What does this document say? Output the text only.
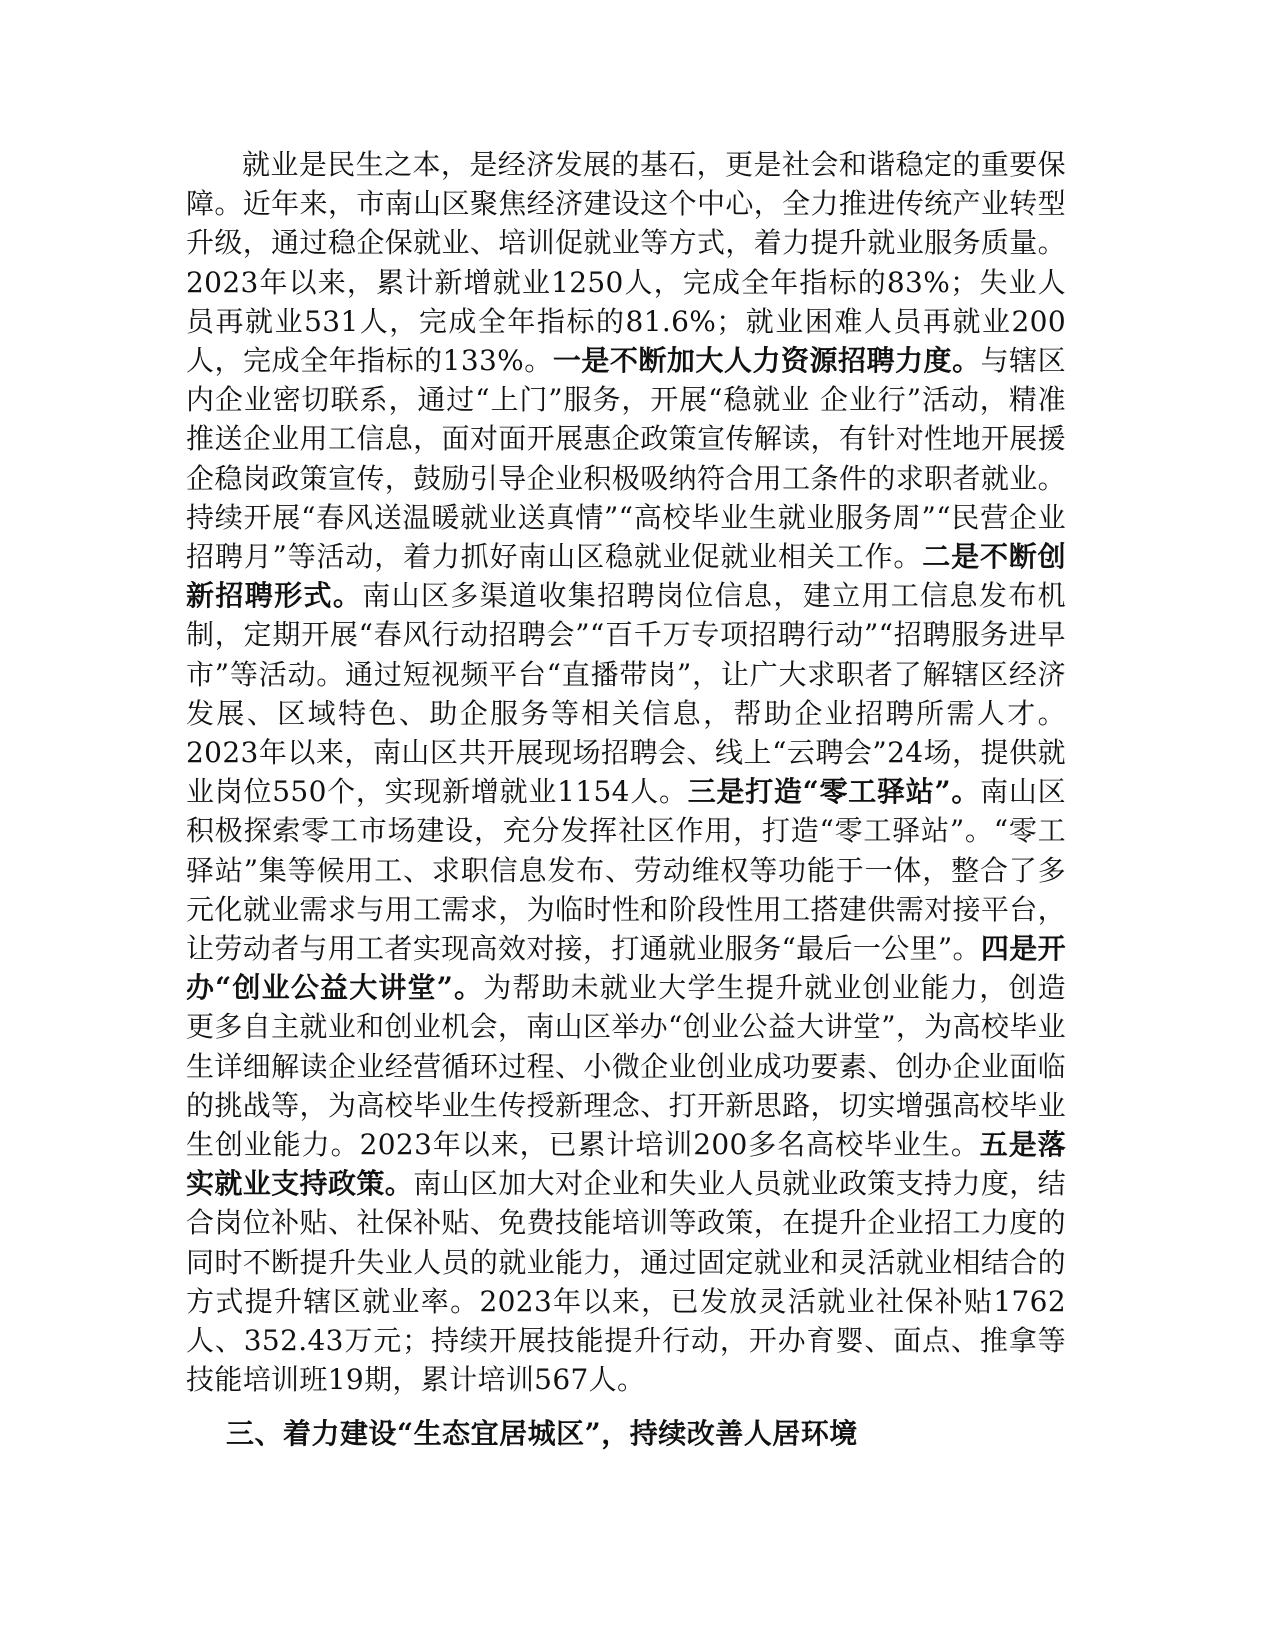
就业是民生之本，是经济发展的基石，更是社会和谐稳定的重要保障。近年来，市南山区聚焦经济建设这个中心，全力推进传统产业转型升级，通过稳企保就业、培训促就业等方式，着力提升就业服务质量。2023年以来，累计新增就业1250人，完成全年指标的83%；失业人员再就业531人，完成全年指标的81.6%；就业困难人员再就业200人，完成全年指标的133%。一是不断加大人力资源招聘力度。与辖区内企业密切联系，通过“上门”服务，开展“稳就业 企业行”活动，精准推送企业用工信息，面对面开展惠企政策宣传解读，有针对性地开展援企稳岗政策宣传，鼓励引导企业积极吸纳符合用工条件的求职者就业。持续开展“春风送温暖就业送真情”“高校毕业生就业服务周”“民营企业招聘月”等活动，着力抓好南山区稳就业促就业相关工作。二是不断创新招聘形式。南山区多渠道收集招聘岗位信息，建立用工信息发布机制，定期开展“春风行动招聘会”“百千万专项招聘行动”“招聘服务进早市”等活动。通过短视频平台“直播带岗”，让广大求职者了解辖区经济发展、区域特色、助企服务等相关信息，帮助企业招聘所需人才。2023年以来，南山区共开展现场招聘会、线上“云聘会”24场，提供就业岗位550个，实现新增就业1154人。三是打造“零工驿站”。南山区积极探索零工市场建设，充分发挥社区作用，打造“零工驿站”。“零工驿站”集等候用工、求职信息发布、劳动维权等功能于一体，整合了多元化就业需求与用工需求，为临时性和阶段性用工搭建供需对接平台，让劳动者与用工者实现高效对接，打通就业服务“最后一公里”。四是开办“创业公益大讲堂”。为帮助未就业大学生提升就业创业能力，创造更多自主就业和创业机会，南山区举办“创业公益大讲堂”，为高校毕业生详细解读企业经营循环过程、小微企业创业成功要素、创办企业面临的挑战等，为高校毕业生传授新理念、打开新思路，切实增强高校毕业生创业能力。2023年以来，已累计培训200多名高校毕业生。五是落实就业支持政策。南山区加大对企业和失业人员就业政策支持力度，结合岗位补贴、社保补贴、免费技能培训等政策，在提升企业招工力度的同时不断提升失业人员的就业能力，通过固定就业和灵活就业相结合的方式提升辖区就业率。2023年以来，已发放灵活就业社保补贴1762人、352.43万元；持续开展技能提升行动，开办育婴、面点、推拿等技能培训班19期，累计培训567人。

三、着力建设“生态宜居城区”，持续改善人居环境
